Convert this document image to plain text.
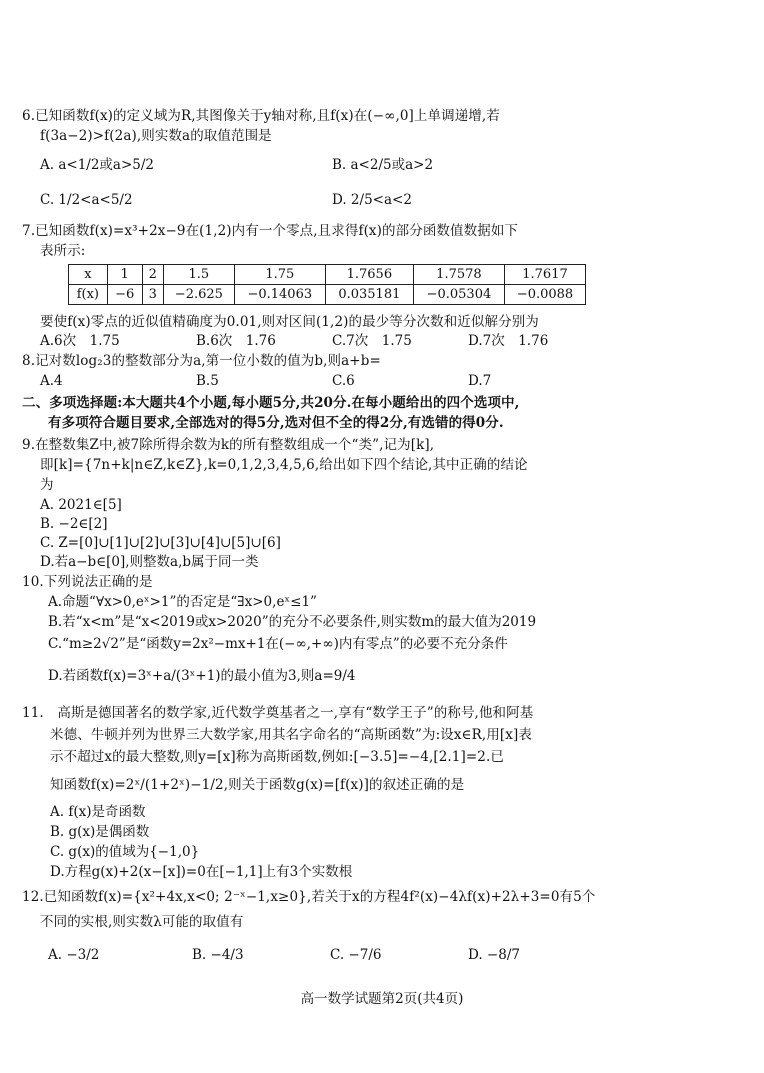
6.已知函数f(x)的定义域为R,其图像关于y轴对称,且f(x)在(−∞,0]上单调递增,若
f(3a−2)>f(2a),则实数a的取值范围是
A. a<1/2或a>5/2	B. a<2/5或a>2
C. 1/2<a<5/2	D. 2/5<a<2
7.已知函数f(x)=x³+2x−9在(1,2)内有一个零点,且求得f(x)的部分函数值数据如下
表所示:
x	1	2	1.5	1.75	1.7656	1.7578	1.7617
f(x)	−6	3	−2.625	−0.14063	0.035181	−0.05304	−0.0088
要使f(x)零点的近似值精确度为0.01,则对区间(1,2)的最少等分次数和近似解分别为
A.6次　1.75	B.6次　1.76	C.7次　1.75	D.7次　1.76
8.记对数log₂3的整数部分为a,第一位小数的值为b,则a+b=
A.4	B.5	C.6	D.7
二、多项选择题:本大题共4个小题,每小题5分,共20分.在每小题给出的四个选项中,
有多项符合题目要求,全部选对的得5分,选对但不全的得2分,有选错的得0分.
9.在整数集Z中,被7除所得余数为k的所有整数组成一个“类”,记为[k],
即[k]={7n+k|n∈Z,k∈Z},k=0,1,2,3,4,5,6,给出如下四个结论,其中正确的结论
为
A. 2021∈[5]
B. −2∈[2]
C. Z=[0]∪[1]∪[2]∪[3]∪[4]∪[5]∪[6]
D.若a−b∈[0],则整数a,b属于同一类
10.下列说法正确的是
A.命题“∀x>0,eˣ>1”的否定是“∃x>0,eˣ≤1”
B.若“x<m”是“x<2019或x>2020”的充分不必要条件,则实数m的最大值为2019
C.“m≥2√2”是“函数y=2x²−mx+1在(−∞,+∞)内有零点”的必要不充分条件
D.若函数f(x)=3ˣ+a/(3ˣ+1)的最小值为3,则a=9/4
11.　高斯是德国著名的数学家,近代数学奠基者之一,享有“数学王子”的称号,他和阿基
米德、牛顿并列为世界三大数学家,用其名字命名的“高斯函数”为:设x∈R,用[x]表
示不超过x的最大整数,则y=[x]称为高斯函数,例如:[−3.5]=−4,[2.1]=2.已
知函数f(x)=2ˣ/(1+2ˣ)−1/2,则关于函数g(x)=[f(x)]的叙述正确的是
A. f(x)是奇函数
B. g(x)是偶函数
C. g(x)的值域为{−1,0}
D.方程g(x)+2(x−[x])=0在[−1,1]上有3个实数根
12.已知函数f(x)={x²+4x,x<0; 2⁻ˣ−1,x≥0},若关于x的方程4f²(x)−4λf(x)+2λ+3=0有5个
不同的实根,则实数λ可能的取值有
A. −3/2	B. −4/3	C. −7/6	D. −8/7
高一数学试题第2页(共4页)
